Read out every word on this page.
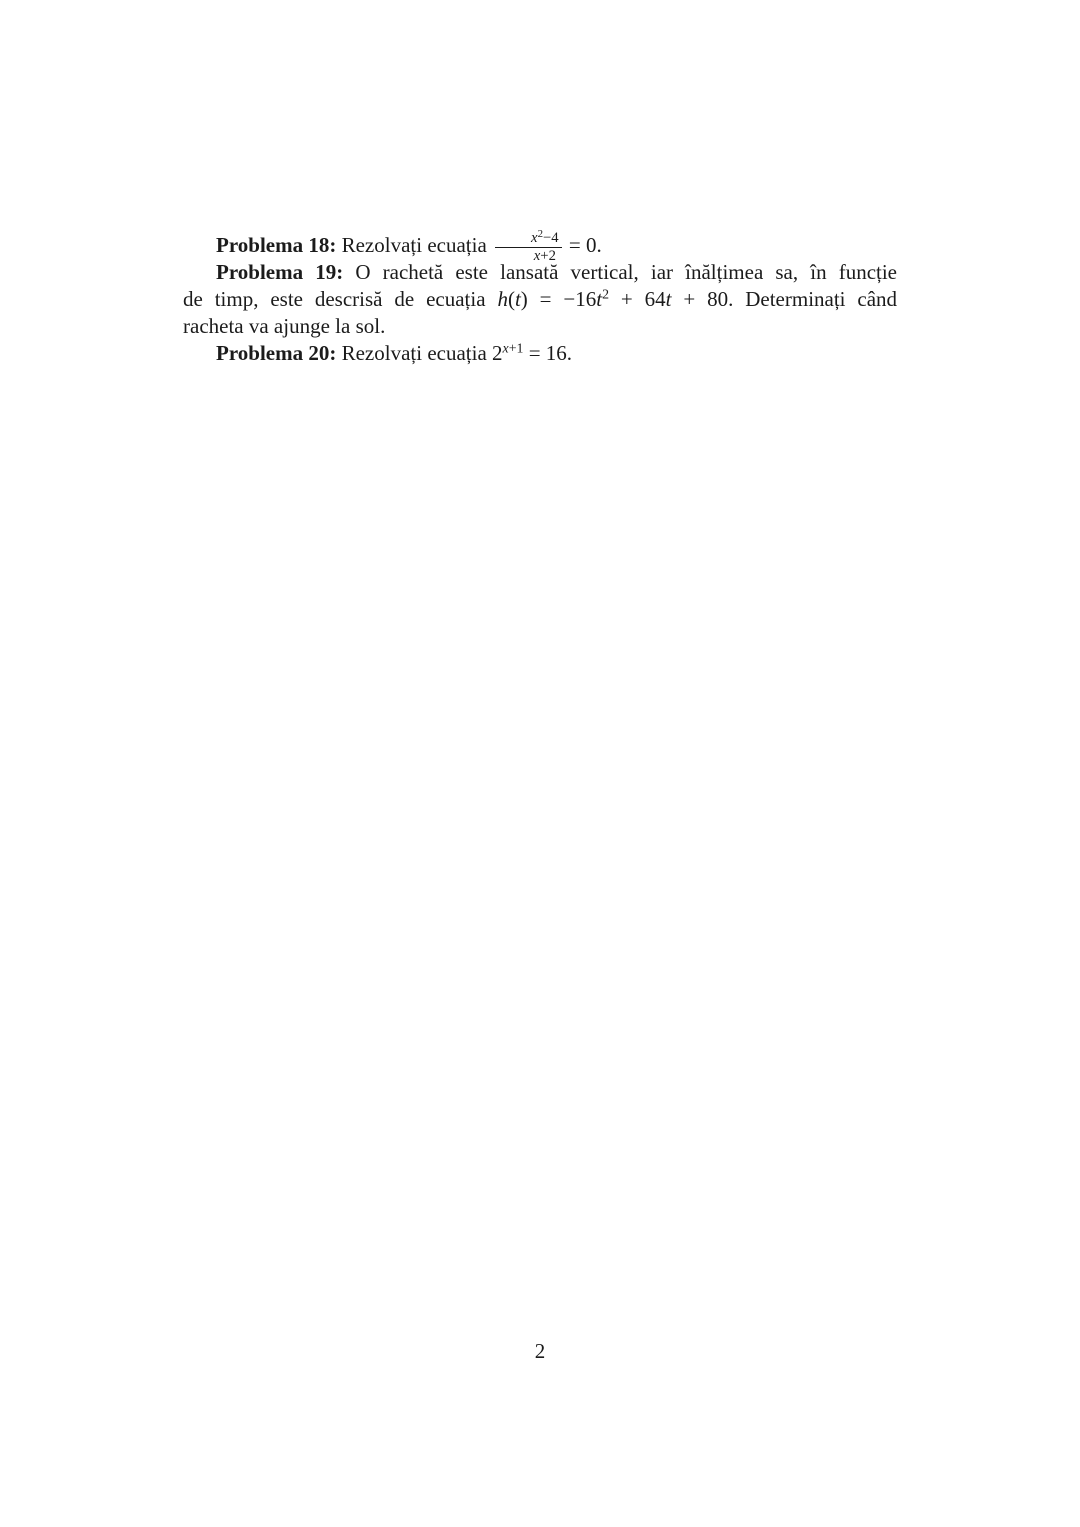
Problema 18: Rezolvați ecuația $\frac{x^2-4}{x+2} = 0$.
Problema 19: O rachetă este lansată vertical, iar înălțimea sa, în funcție
de timp, este descrisă de ecuația $h(t) = -16t^2 + 64t + 80$. Determinați când
racheta va ajunge la sol.
Problema 20: Rezolvați ecuația $2^{x+1} = 16$.
2
